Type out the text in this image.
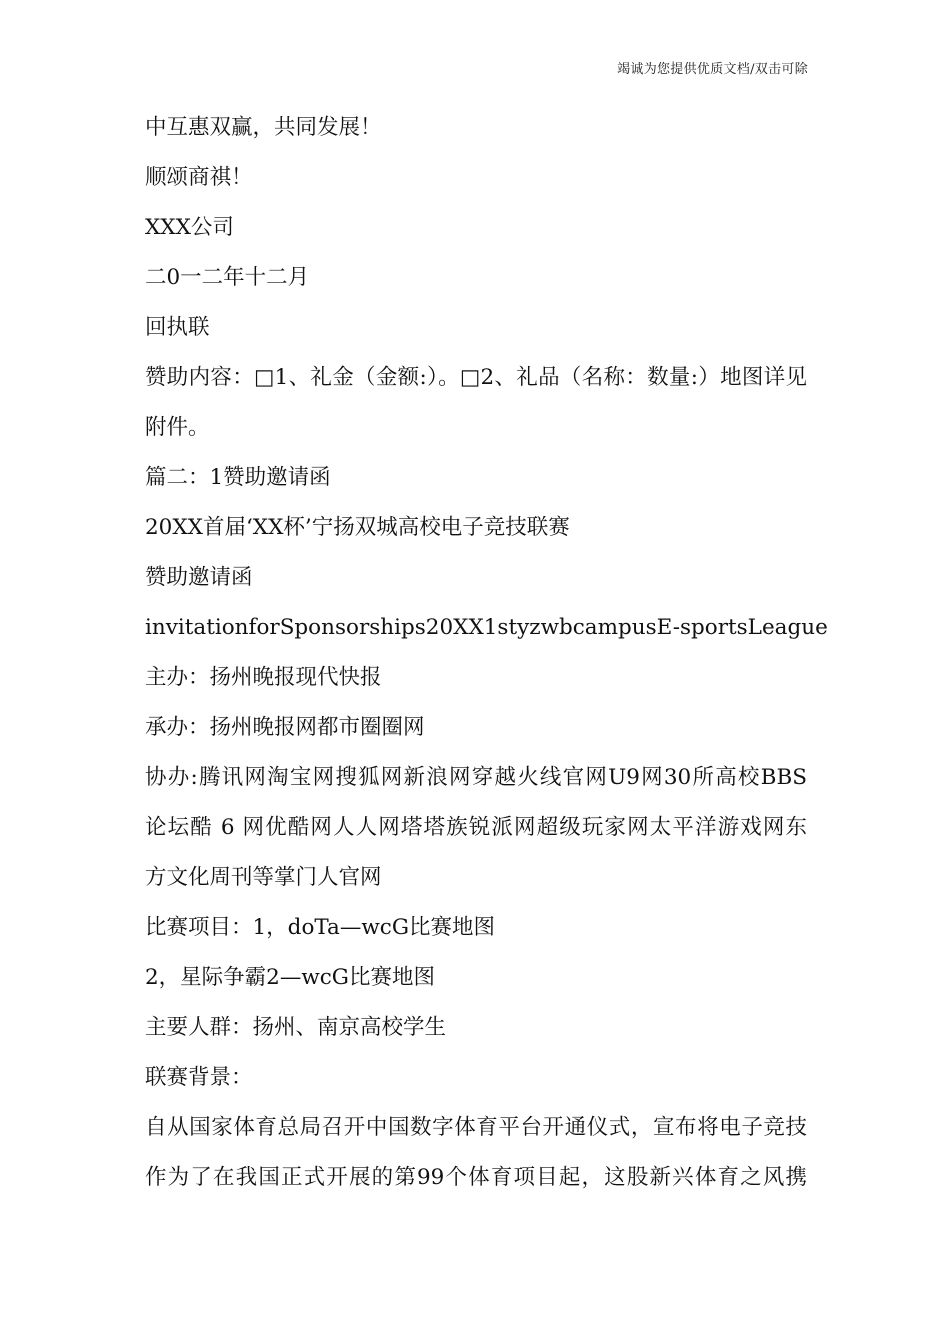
竭诚为您提供优质文档/双击可除
中互惠双赢，共同发展！
顺颂商祺！
XXX公司
二0一二年十二月
回执联
赞助内容：□1、礼金（金额:）。□2、礼品（名称：数量:）地图详见
附件。
篇二：1赞助邀请函
20XX首届‘XX杯’宁扬双城高校电子竞技联赛
赞助邀请函
invitationforSponsorships20XX1styzwbcampusE-sportsLeague
主办：扬州晚报现代快报
承办：扬州晚报网都市圈圈网
协办:腾讯网淘宝网搜狐网新浪网穿越火线官网U9网30所高校BBS
论坛酷 6 网优酷网人人网塔塔族锐派网超级玩家网太平洋游戏网东
方文化周刊等掌门人官网
比赛项目：1，doTa—wcG比赛地图
2，星际争霸2—wcG比赛地图
主要人群：扬州、南京高校学生
联赛背景：
自从国家体育总局召开中国数字体育平台开通仪式，宣布将电子竞技
作为了在我国正式开展的第99个体育项目起，这股新兴体育之风携
